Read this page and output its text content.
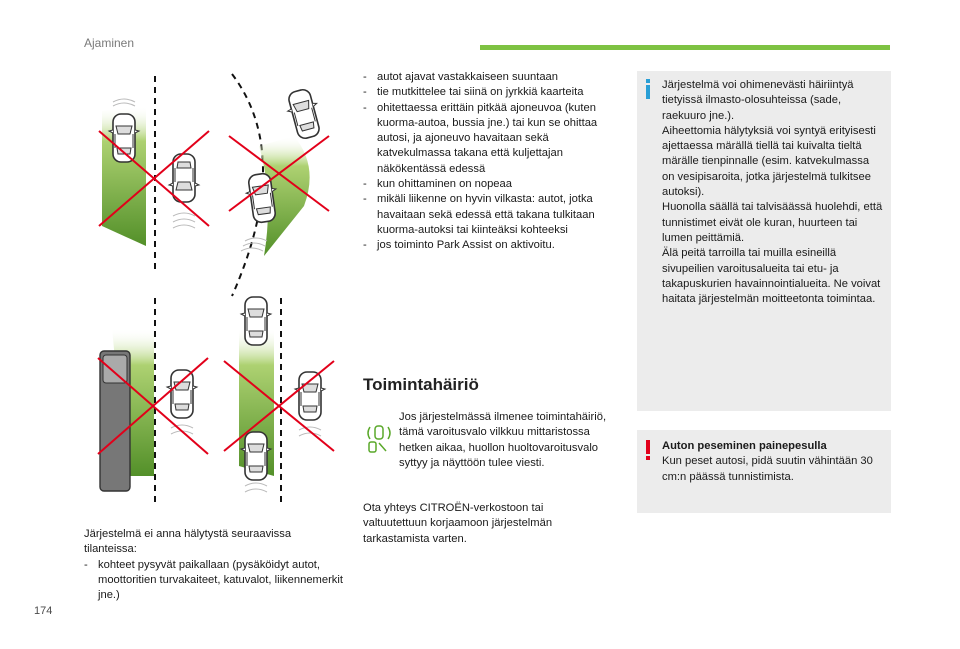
Ajaminen
Järjestelmä ei anna hälytystä seuraavissa tilanteissa:
- kohteet pysyvät paikallaan (pysäköidyt autot, moottoritien turvakaiteet, katuvalot, liikennemerkit jne.)
- autot ajavat vastakkaiseen suuntaan
- tie mutkittelee tai siinä on jyrkkiä kaarteita
- ohitettaessa erittäin pitkää ajoneuvoa (kuten kuorma-autoa, bussia jne.) tai kun se ohittaa autosi, ja ajoneuvo havaitaan sekä katvekulmassa takana että kuljettajan näkökentässä edessä
- kun ohittaminen on nopeaa
- mikäli liikenne on hyvin vilkasta: autot, jotka havaitaan sekä edessä että takana tulkitaan kuorma-autoksi tai kiinteäksi kohteeksi
- jos toiminto Park Assist on aktivoitu.
Toimintahäiriö
Jos järjestelmässä ilmenee toimintahäiriö, tämä varoitusvalo vilkkuu mittaristossa hetken aikaa, huollon huoltovaroitusvalo syttyy ja näyttöön tulee viesti.
Ota yhteys CITROËN-verkostoon tai valtuutettuun korjaamoon järjestelmän tarkastamista varten.
Järjestelmä voi ohimenevästi häiriintyä tietyissä ilmasto-olosuhteissa (sade, raekuuro jne.).
Aiheettomia hälytyksiä voi syntyä erityisesti ajettaessa märällä tiellä tai kuivalta tieltä märälle tienpinnalle (esim. katvekulmassa on vesipisaroita, jotka järjestelmä tulkitsee autoksi).
Huonolla säällä tai talvisäässä huolehdi, että tunnistimet eivät ole kuran, huurteen tai lumen peittämiä.
Älä peitä tarroilla tai muilla esineillä sivupeilien varoitusalueita tai etu- ja takapuskurien havainnointialueita. Ne voivat haitata järjestelmän moitteetonta toimintaa.
Auton peseminen painepesulla
Kun peset autosi, pidä suutin vähintään 30 cm:n päässä tunnistimista.
174
